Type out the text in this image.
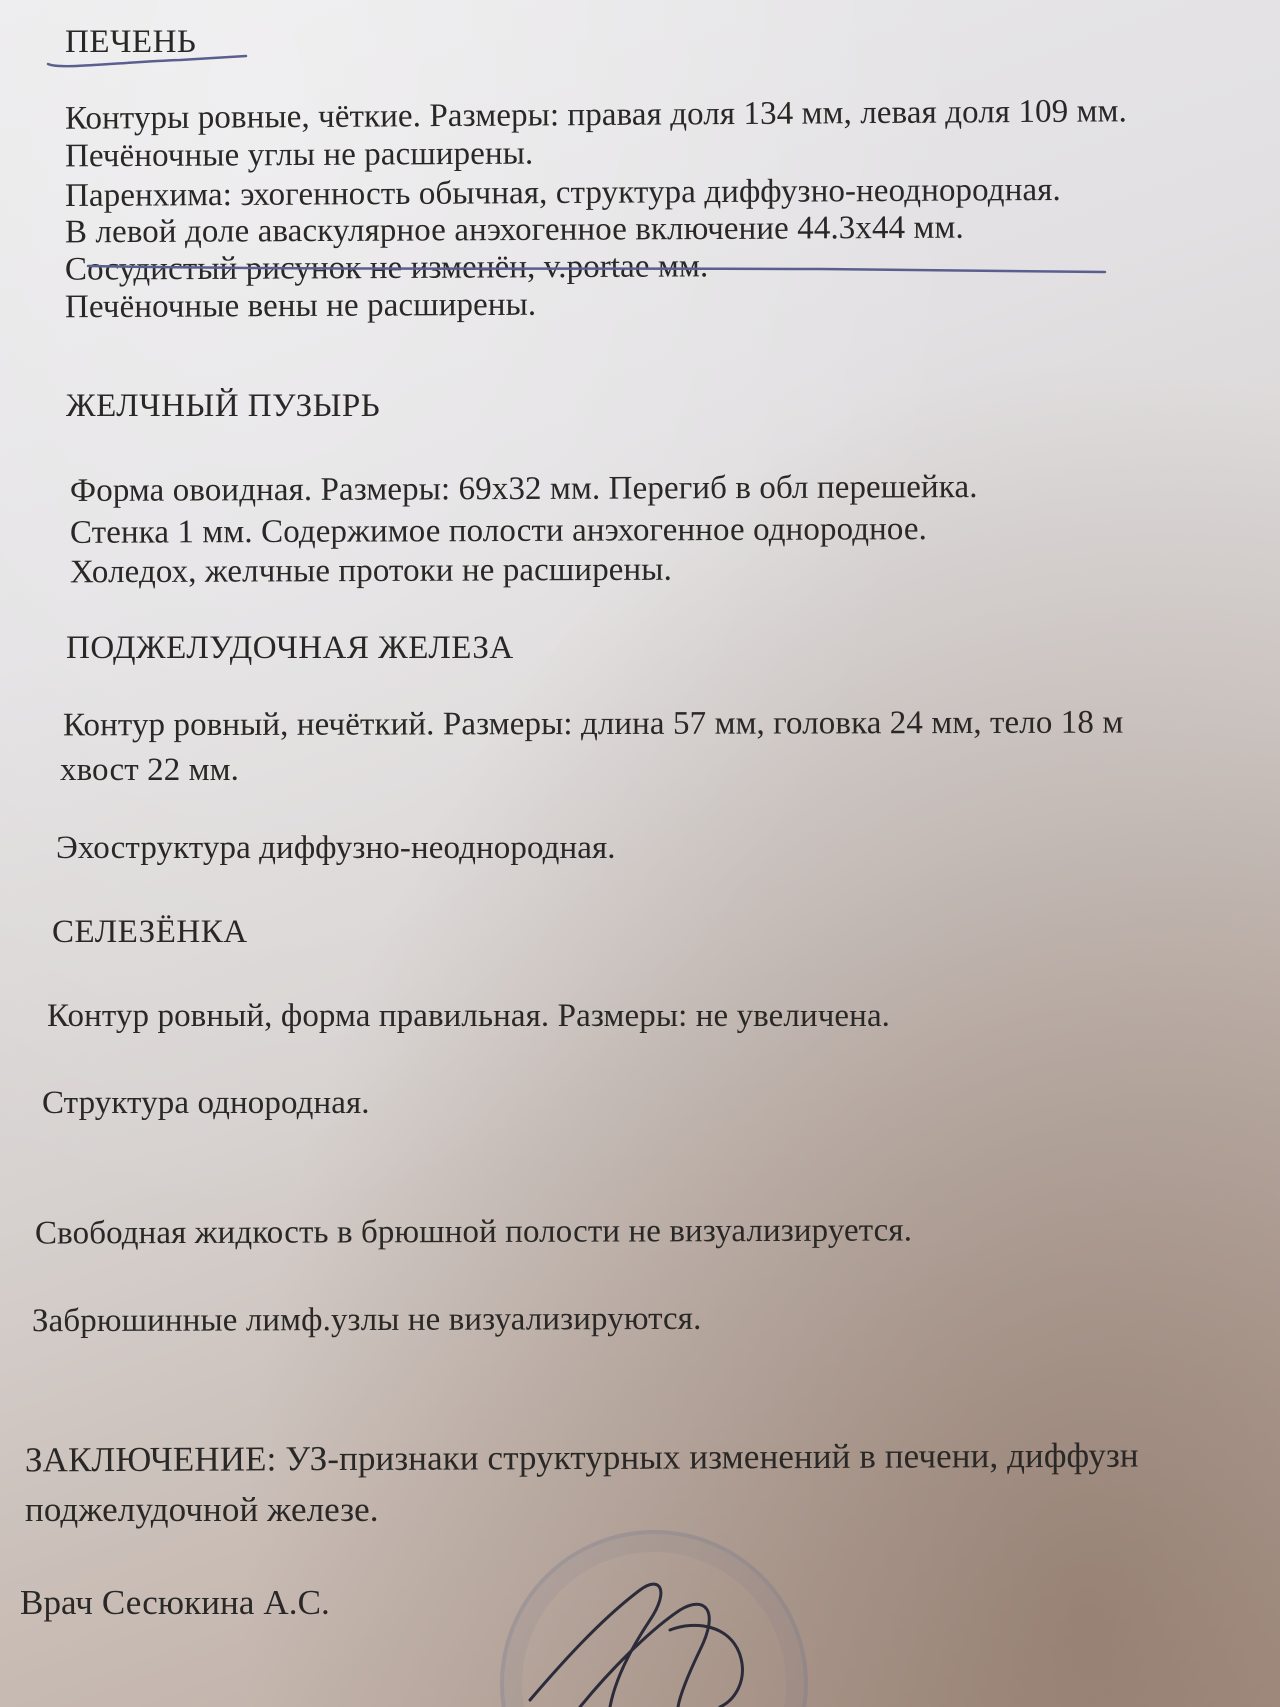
ПЕЧЕНЬ
Контуры ровные, чёткие. Размеры: правая доля 134 мм, левая доля 109 мм.
Печёночные углы не расширены.
Паренхима: эхогенность обычная, структура диффузно-неоднородная.
В левой доле аваскулярное анэхогенное включение 44.3х44 мм.
Сосудистый рисунок не изменён, v.portae мм.
Печёночные вены не расширены.
ЖЕЛЧНЫЙ ПУЗЫРЬ
Форма овоидная. Размеры: 69х32 мм. Перегиб в обл перешейка.
Стенка 1 мм. Содержимое полости анэхогенное однородное.
Холедох, желчные протоки не расширены.
ПОДЖЕЛУДОЧНАЯ ЖЕЛЕЗА
Контур ровный, нечёткий. Размеры: длина 57 мм, головка 24 мм, тело 18 м
хвост 22 мм.
Эхоструктура диффузно-неоднородная.
СЕЛЕЗЁНКА
Контур ровный, форма правильная. Размеры: не увеличена.
Структура однородная.
Свободная жидкость в брюшной полости не визуализируется.
Забрюшинные лимф.узлы не визуализируются.
ЗАКЛЮЧЕНИЕ: УЗ-признаки структурных изменений в печени, диффузн
поджелудочной железе.
Врач Сесюкина А.С.
